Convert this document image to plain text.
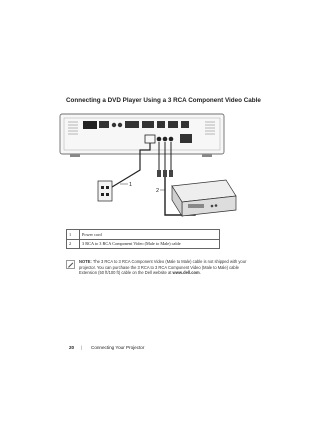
Connecting a DVD Player Using a 3 RCA Component Video Cable
1
2
1	Power cord
2	3 RCA to 3 RCA Component Video (Male to Male) cable
NOTE: The 3 RCA to 3 RCA Component Video (Male to Male) cable is not shipped with your projector. You can purchase the 3 RCA to 3 RCA Component Video (Male to Male) cable Extension (50 ft/100 ft) cable on the Dell website at www.dell.com.
20 | Connecting Your Projector
